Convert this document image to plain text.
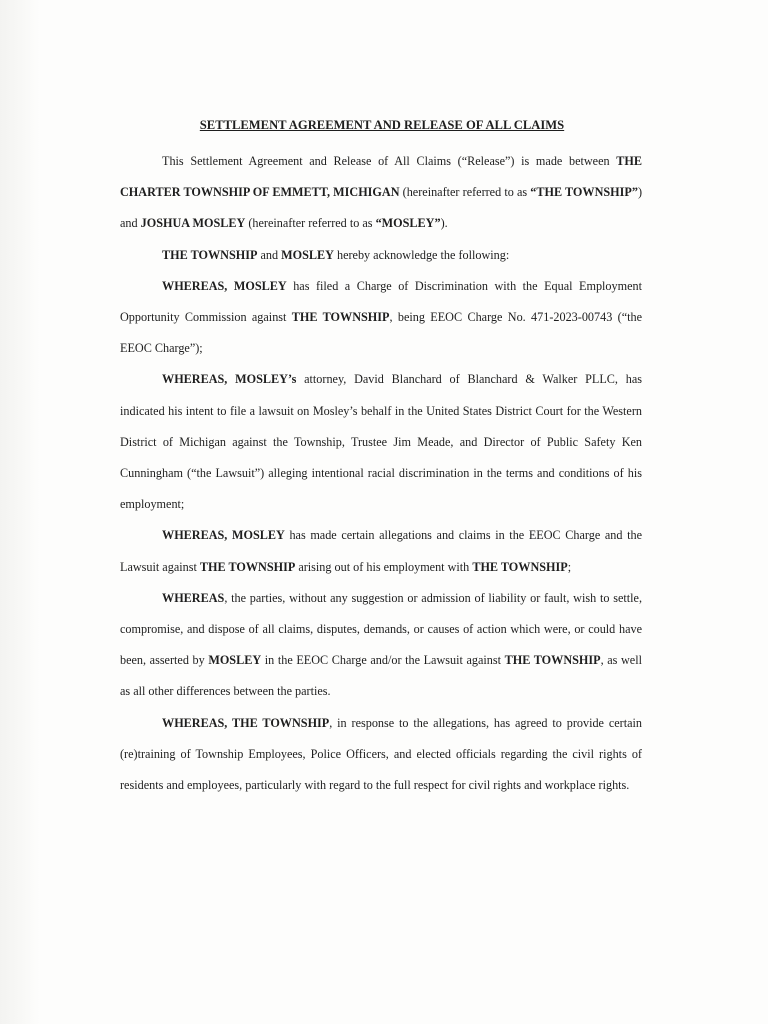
SETTLEMENT AGREEMENT AND RELEASE OF ALL CLAIMS

This Settlement Agreement and Release of All Claims (“Release”) is made between THE CHARTER TOWNSHIP OF EMMETT, MICHIGAN (hereinafter referred to as “THE TOWNSHIP”) and JOSHUA MOSLEY (hereinafter referred to as “MOSLEY”).

THE TOWNSHIP and MOSLEY hereby acknowledge the following:

WHEREAS, MOSLEY has filed a Charge of Discrimination with the Equal Employment Opportunity Commission against THE TOWNSHIP, being EEOC Charge No. 471-2023-00743 (“the EEOC Charge”);

WHEREAS, MOSLEY’s attorney, David Blanchard of Blanchard & Walker PLLC, has indicated his intent to file a lawsuit on Mosley’s behalf in the United States District Court for the Western District of Michigan against the Township, Trustee Jim Meade, and Director of Public Safety Ken Cunningham (“the Lawsuit”) alleging intentional racial discrimination in the terms and conditions of his employment;

WHEREAS, MOSLEY has made certain allegations and claims in the EEOC Charge and the Lawsuit against THE TOWNSHIP arising out of his employment with THE TOWNSHIP;

WHEREAS, the parties, without any suggestion or admission of liability or fault, wish to settle, compromise, and dispose of all claims, disputes, demands, or causes of action which were, or could have been, asserted by MOSLEY in the EEOC Charge and/or the Lawsuit against THE TOWNSHIP, as well as all other differences between the parties.

WHEREAS, THE TOWNSHIP, in response to the allegations, has agreed to provide certain (re)training of Township Employees, Police Officers, and elected officials regarding the civil rights of residents and employees, particularly with regard to the full respect for civil rights and workplace rights.
